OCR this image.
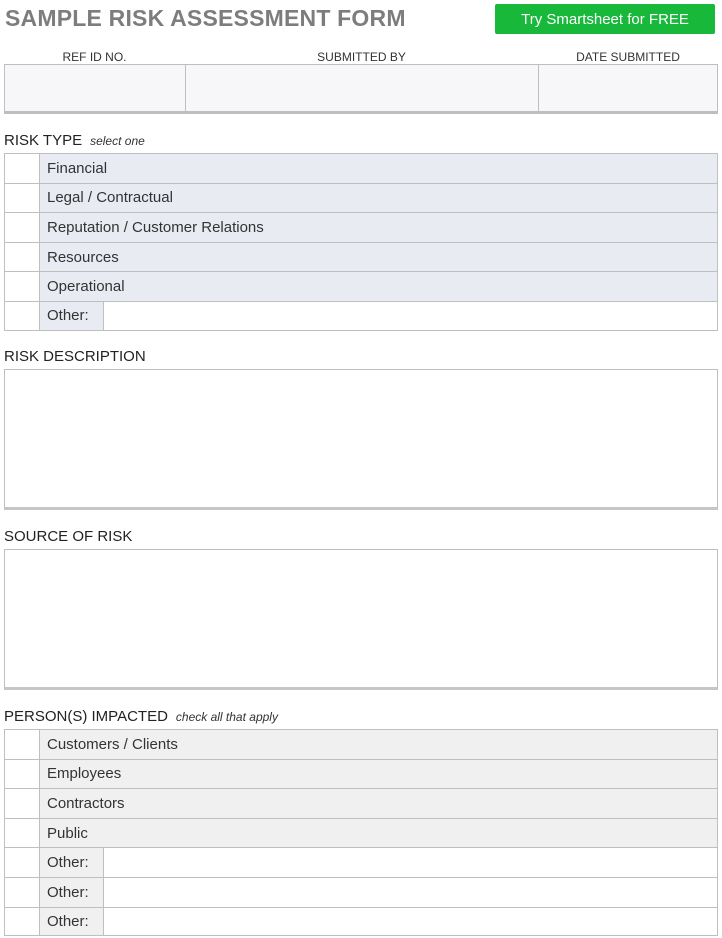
SAMPLE RISK ASSESSMENT FORM	Try Smartsheet for FREE
REF ID NO.	SUBMITTED BY	DATE SUBMITTED
RISK TYPE select one
Financial
Legal / Contractual
Reputation / Customer Relations
Resources
Operational
Other:
RISK DESCRIPTION
SOURCE OF RISK
PERSON(S) IMPACTED check all that apply
Customers / Clients
Employees
Contractors
Public
Other:
Other:
Other:
